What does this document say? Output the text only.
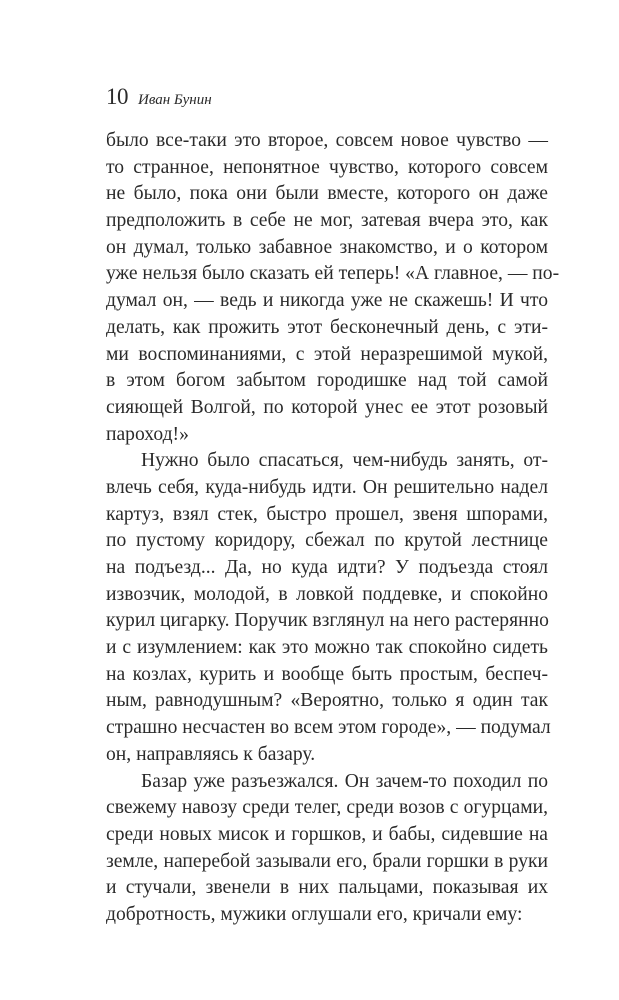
10 Иван Бунин
было все-таки это второе, совсем новое чувство —
то странное, непонятное чувство, которого совсем
не было, пока они были вместе, которого он даже
предположить в себе не мог, затевая вчера это, как
он думал, только забавное знакомство, и о котором
уже нельзя было сказать ей теперь! «А главное, — по-
думал он, — ведь и никогда уже не скажешь! И что
делать, как прожить этот бесконечный день, с эти-
ми воспоминаниями, с этой неразрешимой мукой,
в этом богом забытом городишке над той самой
сияющей Волгой, по которой унес ее этот розовый
пароход!»
Нужно было спасаться, чем-нибудь занять, от-
влечь себя, куда-нибудь идти. Он решительно надел
картуз, взял стек, быстро прошел, звеня шпорами,
по пустому коридору, сбежал по крутой лестнице
на подъезд... Да, но куда идти? У подъезда стоял
извозчик, молодой, в ловкой поддевке, и спокойно
курил цигарку. Поручик взглянул на него растерянно
и с изумлением: как это можно так спокойно сидеть
на козлах, курить и вообще быть простым, беспеч-
ным, равнодушным? «Вероятно, только я один так
страшно несчастен во всем этом городе», — подумал
он, направляясь к базару.
Базар уже разъезжался. Он зачем-то походил по
свежему навозу среди телег, среди возов с огурцами,
среди новых мисок и горшков, и бабы, сидевшие на
земле, наперебой зазывали его, брали горшки в руки
и стучали, звенели в них пальцами, показывая их
добротность, мужики оглушали его, кричали ему:
